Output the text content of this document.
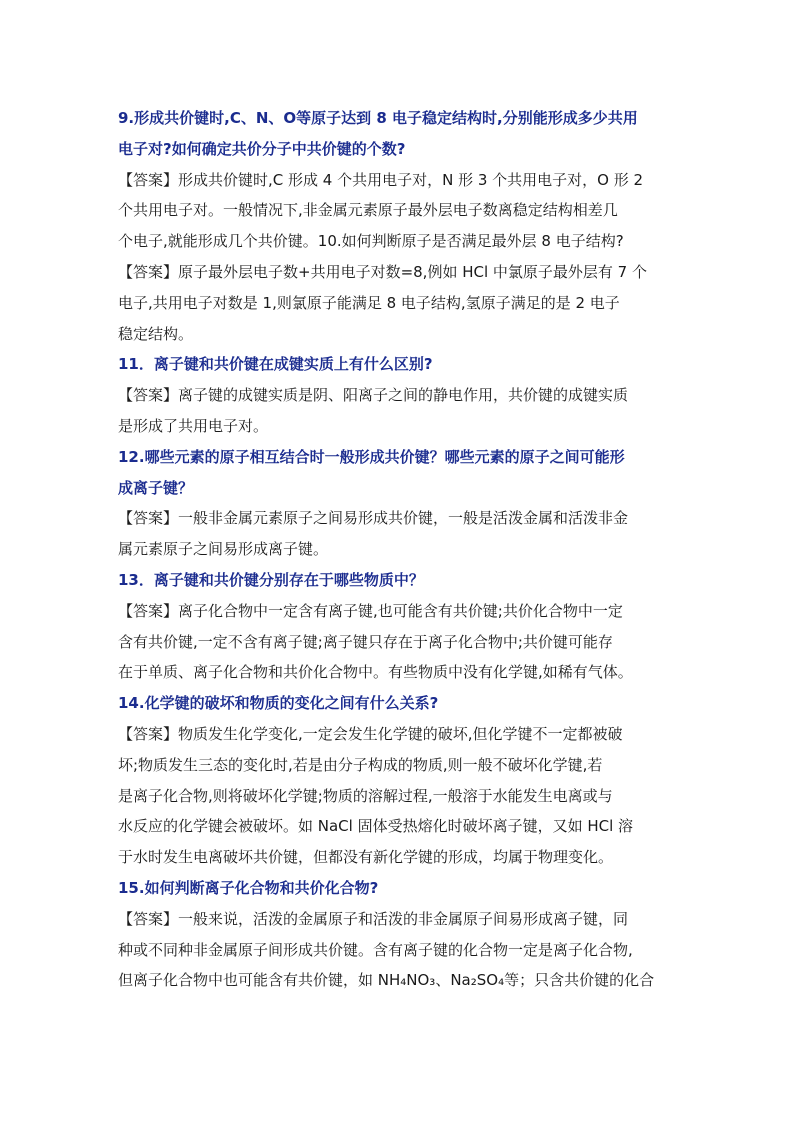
9.形成共价键时,C、N、O等原子达到 8 电子稳定结构时,分别能形成多少共用
电子对?如何确定共价分子中共价键的个数?
【答案】形成共价键时,C 形成 4 个共用电子对，N 形 3 个共用电子对，O 形 2
个共用电子对。一般情况下,非金属元素原子最外层电子数离稳定结构相差几
个电子,就能形成几个共价键。10.如何判断原子是否满足最外层 8 电子结构?
【答案】原子最外层电子数+共用电子对数=8,例如 HCl 中氯原子最外层有 7 个
电子,共用电子对数是 1,则氯原子能满足 8 电子结构,氢原子满足的是 2 电子
稳定结构。
11．离子键和共价键在成键实质上有什么区别?
【答案】离子键的成键实质是阴、阳离子之间的静电作用，共价键的成键实质
是形成了共用电子对。
12.哪些元素的原子相互结合时一般形成共价键？哪些元素的原子之间可能形
成离子键？
【答案】一般非金属元素原子之间易形成共价键，一般是活泼金属和活泼非金
属元素原子之间易形成离子键。
13．离子键和共价键分别存在于哪些物质中？
【答案】离子化合物中一定含有离子键,也可能含有共价键;共价化合物中一定
含有共价键,一定不含有离子键;离子键只存在于离子化合物中;共价键可能存
在于单质、离子化合物和共价化合物中。有些物质中没有化学键,如稀有气体。
14.化学键的破坏和物质的变化之间有什么关系?
【答案】物质发生化学变化,一定会发生化学键的破坏,但化学键不一定都被破
坏;物质发生三态的变化时,若是由分子构成的物质,则一般不破坏化学键,若
是离子化合物,则将破坏化学键;物质的溶解过程,一般溶于水能发生电离或与
水反应的化学键会被破坏。如 NaCl 固体受热熔化时破坏离子键，又如 HCl 溶
于水时发生电离破坏共价键，但都没有新化学键的形成，均属于物理变化。
15.如何判断离子化合物和共价化合物?
【答案】一般来说，活泼的金属原子和活泼的非金属原子间易形成离子键，同
种或不同种非金属原子间形成共价键。含有离子键的化合物一定是离子化合物,
但离子化合物中也可能含有共价键，如 NH₄NO₃、Na₂SO₄等；只含共价键的化合
